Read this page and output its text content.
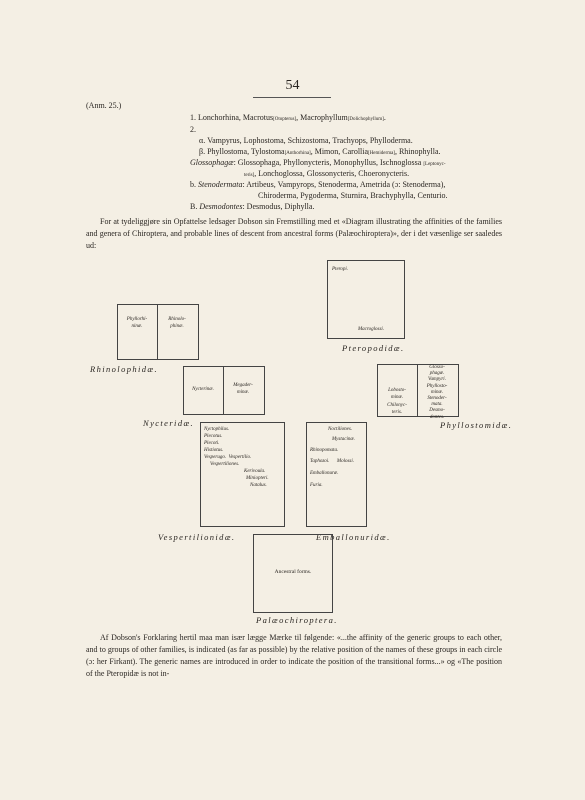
54
(Anm. 25.)
1. Lonchorhina, Macrotus[Otopterus], Macrophyllum[Dolichophyllum].
2.
α. Vampyrus, Lophostoma, Schizostoma, Trachyops, Phylloderma.
β. Phyllostoma, Tylostoma[Anthorhina], Mimon, Carollia[Hemiderma], Rhinophylla.
Glossophagæ: Glossophaga, Phyllonycteris, Monophyllus, Ischnoglossa [Leptonyc-
teris], Lonchoglossa, Glossonycteris, Choeronycteris.
b. Stenodermata: Artibeus, Vampyrops, Stenoderma, Ametrida (ɔ: Stenoderma),
Chiroderma, Pygoderma, Sturnira, Brachyphylla, Centurio.
B. Desmodontes: Desmodus, Diphylla.
For at tydeliggjøre sin Opfattelse ledsager Dobson sin Fremstilling med et «Diagram illustrating the affinities of the families and genera of Chiroptera, and probable lines of descent from ancestral forms (Palæochiroptera)», der i det væsenlige ser saaledes ud:
Phyllorhi-
ninæ.
Rhinolo-
phinæ.
Rhinolophidæ.
Pteropi.
Macroglossi.
Pteropodidæ.
Nycterinæ.
Megader-
minæ.
Nycteridæ.
Lobosto-
minæ.
Chilonyc-
teris.
Glosso-
phagæ.
Vampyri.
Phyllosto-
minæ.
Stenoder-
mata.
Desmo-
dontes.
Phyllostomidæ.
Nyctophilus.
Plecotus.
Plecoti.
Histiotus.
Vesperugo.  Vespertilio.
Vespertiliones.
Kerivoula.
Miniopteri.
Natalus.
Vespertilionidæ.
Noctiliones.
Mystacinæ.
Rhinopomata.
Taphozoi.      Molossi.
Emballonuræ.
Furia.
Emballonuridæ.
Ancestral forms.
Palæochiroptera.
Af Dobson's Forklaring hertil maa man især lægge Mærke til følgende: «...the affinity of the generic groups to each other, and to groups of other families, is indicated (as far as possible) by the relative position of the names of these groups in each circle (ɔ: her Firkant). The generic names are introduced in order to indicate the position of the transitional forms...» og «The position of the Pteropidæ is not in-
